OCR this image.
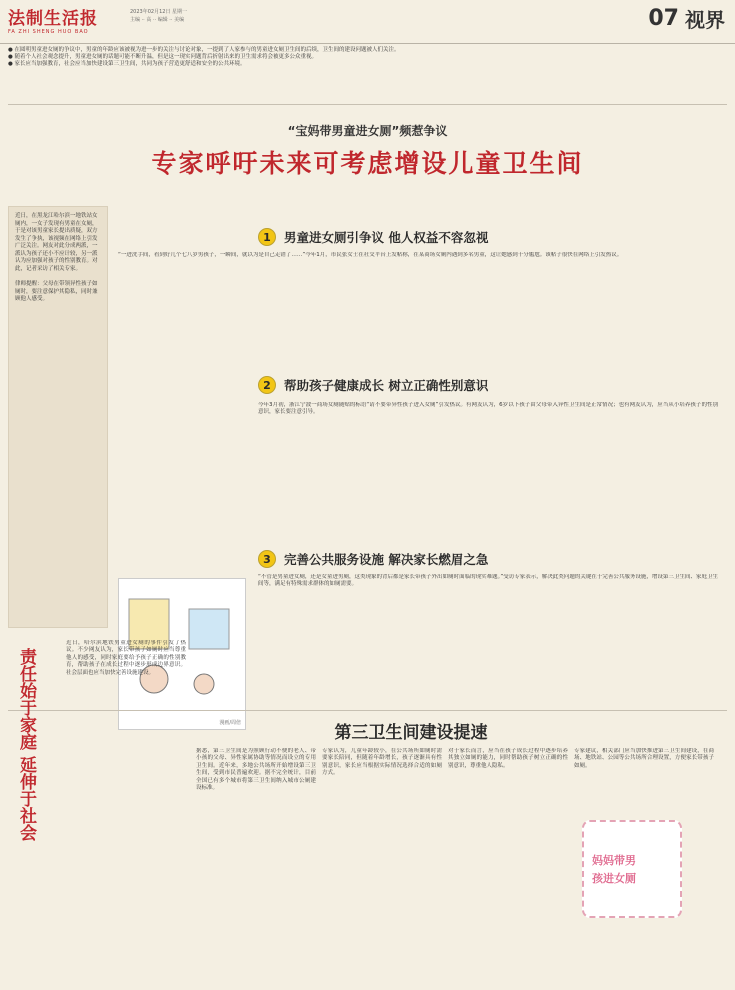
法制生活报
FA ZHI SHENG HUO BAO
2023年02月12日 星期一
主编 ·· 高 ·· 编辑 ·· 美编	07 视界
● 在圆明男童进女厕的争议中，男童的年龄应该被视为进一步的关注与讨论对象，一提到了人家参与的男童进女厕卫生间的后续，卫生间的建设问题被人们关注。
● 随着个人社会观念提升，男童进女厕的话题可能不断升温，但是这一现实问题背后折射出来的卫生需求将会被更多公众重视。
● 家长应当加强教育，社会应当加快建设第三卫生间，共同为孩子营造更舒适和安全的公共环境。
“宝妈带男童进女厕”频惹争议
专家呼吁未来可考虑增设儿童卫生间

近日，在黑龙江哈尔滨一地铁站女厕内，一女子发现有男童在女厕，于是对该男童家长提出质疑，双方发生了争执，该视频在网络上引发广泛关注。网友对此分成两派，一派认为孩子还小不应计较，另一派认为应加强对孩子的性别教育。对此，记者采访了相关专家。

律师提醒：父母在带领异性孩子如厕时，要注意保护其隐私，同时兼顾他人感受。

1	男童进女厕引争议 他人权益不容忽视
“一进洗手间，看到好几个七八岁男孩子，一瞬间，就以为是自己走错了……”今年1月，市民张女士在社交平台上发帖称，在某商场女厕内遇到多名男童，这让她感到十分尴尬。该帖子很快在网络上引发热议。
2	帮助孩子健康成长 树立正确性别意识
今年3月初，浙江宁波一商场女厕随贴的标语“请不要带异性孩子进入女厕”引发热议。有网友认为，6岁以下孩子由父母带入异性卫生间是正常情况；也有网友认为，应当从小培养孩子的性别意识，家长要注意引导。
3	完善公共服务设施 解决家长燃眉之急
“不管是男童进女厕，还是女童进男厕，这类现象的背后都是家长带孩子外出如厕时面临的现实难题。”受访专家表示，解决此类问题的关键在于完善公共服务设施，增设第三卫生间、家庭卫生间等，满足有特殊需求群体的如厕需要。
漫画/周倍
责任始于家庭 延伸于社会
近日，哈尔滨地铁男童进女厕的事件引发了热议。不少网友认为，家长带孩子如厕时应当尊重他人的感受，同时家庭要给予孩子正确的性别教育，帮助孩子在成长过程中逐步形成边界意识。社会层面也应当加快完善设施建设。
第三卫生间建设提速
据悉，第三卫生间是为照顾行动不便的老人、带小孩的父母、异性家属协助等情况而设立的专用卫生间。近年来，多地公共场所开始增设第三卫生间，受到市民普遍欢迎。据不完全统计，目前全国已有多个城市将第三卫生间纳入城市公厕建设标准。
专家认为，儿童年龄较小，在公共场所如厕时需要家长陪同，但随着年龄增长，孩子逐渐具有性别意识，家长应当根据实际情况选择合适的如厕方式。
对于家长而言，应当在孩子成长过程中逐步培养其独立如厕的能力，同时帮助孩子树立正确的性别意识，尊重他人隐私。
专家建议，相关部门应当加快推进第三卫生间建设，在商场、地铁站、公园等公共场所合理设置，方便家长带孩子如厕。
妈妈带男
孩进女厕
